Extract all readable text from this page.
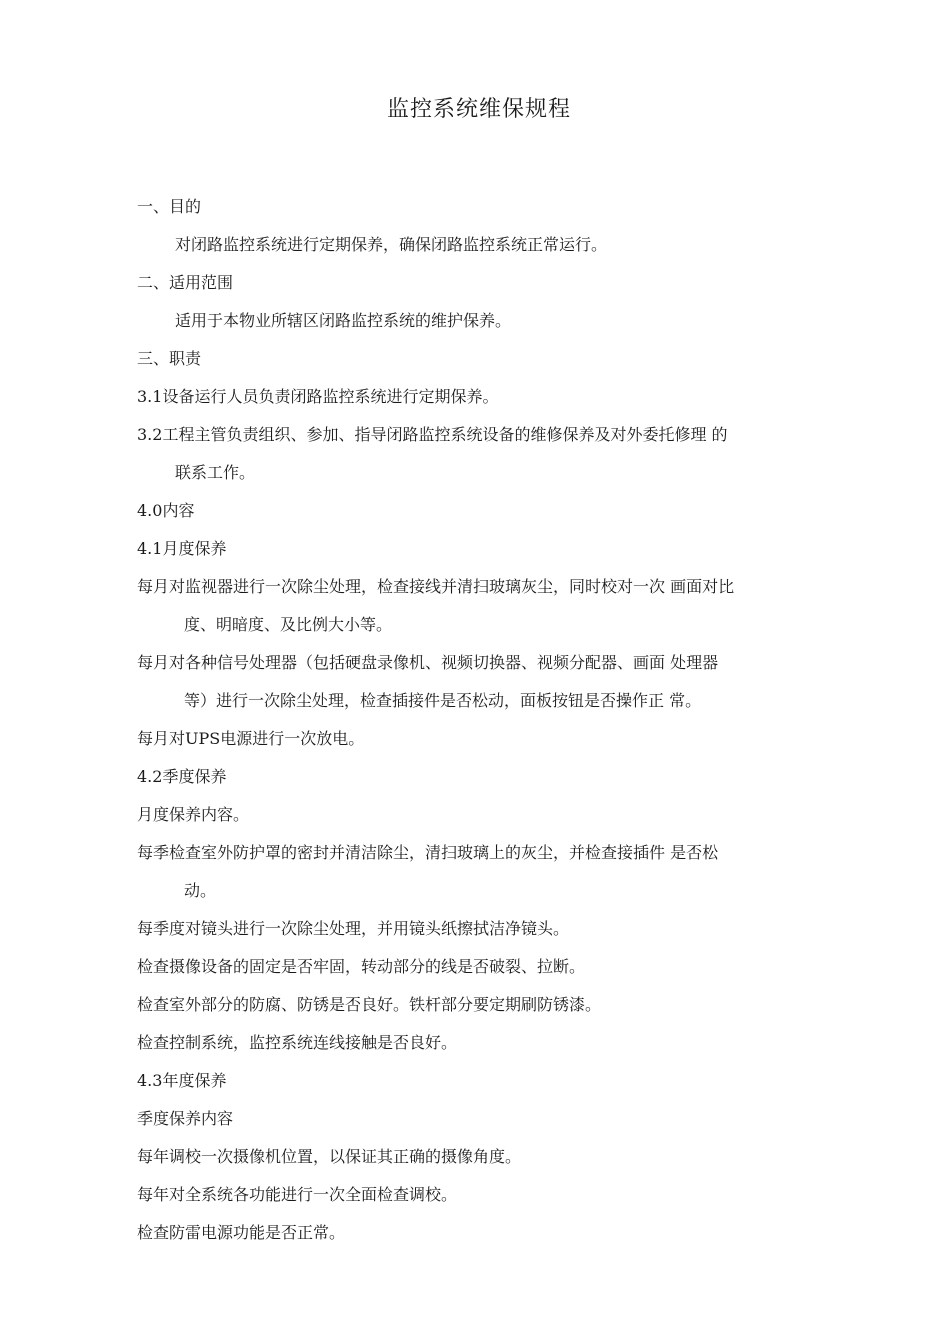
监控系统维保规程
一、目的
对闭路监控系统进行定期保养，确保闭路监控系统正常运行。
二、适用范围
适用于本物业所辖区闭路监控系统的维护保养。
三、职责
3.1设备运行人员负责闭路监控系统进行定期保养。
3.2工程主管负责组织、参加、指导闭路监控系统设备的维修保养及对外委托修理 的
联系工作。
4.0内容
4.1月度保养
每月对监视器进行一次除尘处理，检查接线并清扫玻璃灰尘，同时校对一次 画面对比
度、明暗度、及比例大小等。
每月对各种信号处理器（包括硬盘录像机、视频切换器、视频分配器、画面 处理器
等）进行一次除尘处理，检查插接件是否松动，面板按钮是否操作正 常。
每月对UPS电源进行一次放电。
4.2季度保养
月度保养内容。
每季检查室外防护罩的密封并清洁除尘，清扫玻璃上的灰尘，并检查接插件 是否松
动。
每季度对镜头进行一次除尘处理，并用镜头纸擦拭洁净镜头。
检查摄像设备的固定是否牢固，转动部分的线是否破裂、拉断。
检查室外部分的防腐、防锈是否良好。铁杆部分要定期刷防锈漆。
检查控制系统，监控系统连线接触是否良好。
4.3年度保养
季度保养内容
每年调校一次摄像机位置，以保证其正确的摄像角度。
每年对全系统各功能进行一次全面检查调校。
检查防雷电源功能是否正常。
